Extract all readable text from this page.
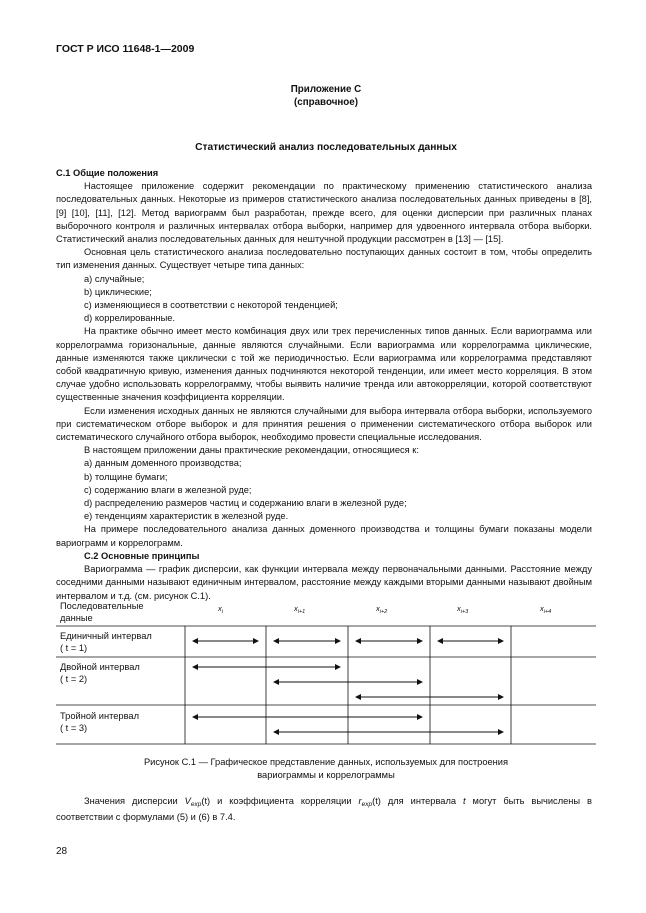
ГОСТ Р ИСО 11648-1—2009
Приложение С
(справочное)
Статистический анализ последовательных данных

С.1 Общие положения

Настоящее приложение содержит рекомендации по практическому применению статистического анализа последовательных данных. Некоторые из примеров статистического анализа последовательных данных приведены в [8], [9] [10], [11], [12]. Метод вариограмм был разработан, прежде всего, для оценки дисперсии при различных планах выборочного контроля и различных интервалах отбора выборки, например для удвоенного интервала отбора выборки. Статистический анализ последовательных данных для нештучной продукции рассмотрен в [13] — [15].

Основная цель статистического анализа последовательно поступающих данных состоит в том, чтобы определить тип изменения данных. Существует четыре типа данных:

a) случайные;

b) циклические;

c) изменяющиеся в соответствии с некоторой тенденцией;

d) коррелированные.

На практике обычно имеет место комбинация двух или трех перечисленных типов данных. Если вариограмма или коррелограмма горизональные, данные являются случайными. Если вариограмма или коррелограмма циклические, данные изменяются также циклически с той же периодичностью. Если вариограмма или коррелограмма представляют собой квадратичную кривую, изменения данных подчиняются некоторой тенденции, или имеет место корреляция. В этом случае удобно использовать коррелограмму, чтобы выявить наличие тренда или автокорреляции, которой соответствуют существенные значения коэффициента корреляции.

Если изменения исходных данных не являются случайными для выбора интервала отбора выборки, используемого при систематическом отборе выборок и для принятия решения о применении систематического отбора выборок или систематического случайного отбора выборок, необходимо провести специальные исследования.

В настоящем приложении даны практические рекомендации, относящиеся к:

a) данным доменного производства;

b) толщине бумаги;

c) содержанию влаги в железной руде;

d) распределению размеров частиц и содержанию влаги в железной руде;

e) тенденциям характеристик в железной руде.

На примере последовательного анализа данных доменного производства и толщины бумаги показаны модели вариограмм и коррелограмм.

С.2 Основные принципы

Вариограмма — график дисперсии, как функции интервала между первоначальными данными. Расстояние между соседними данными называют единичным интервалом, расстояние между каждыми вторыми данными называют двойным интервалом и т.д. (см. рисунок С.1).

Последовательные
данные
$x_i$	$x_{i+1}$	$x_{i+2}$	$x_{i+3}$	$x_{i+4}$
Единичный интервал
( t = 1)
Двойной интервал
( t = 2)
Тройной интервал
( t = 3)
Рисунок С.1 — Графическое представление данных, используемых для построения
вариограммы и коррелограммы
Значения дисперсии $V_{exp}(t)$ и коэффициента корреляции $r_{exp}(t)$ для интервала t могут быть вычислены в соответствии с формулами (5) и (6) в 7.4.
28
